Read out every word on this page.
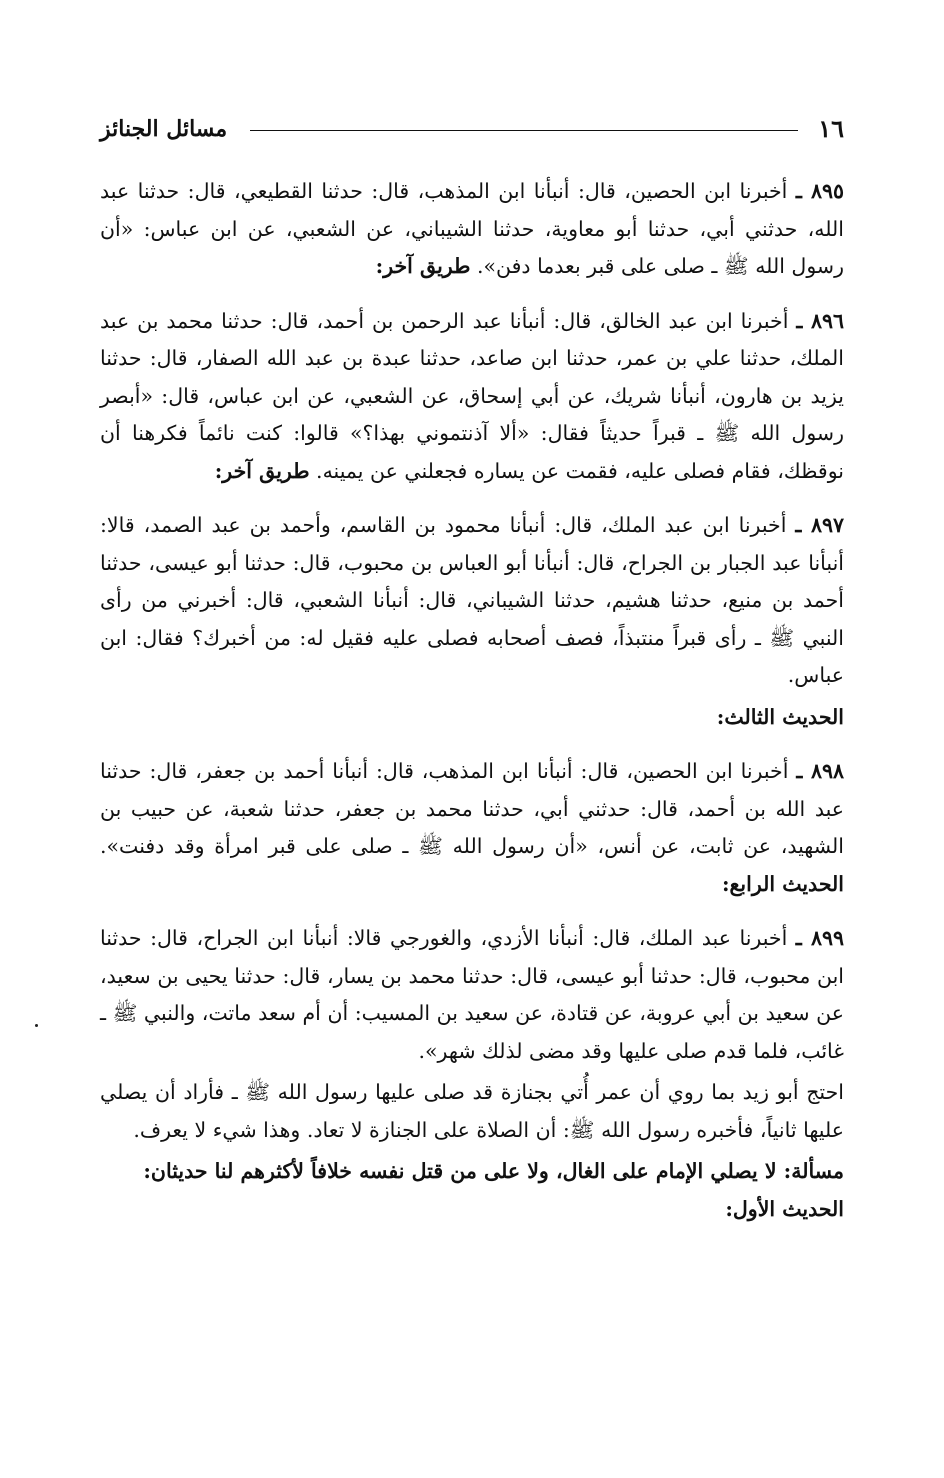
١٦
مسائل الجنائز

٨٩٥ ـ أخبرنا ابن الحصين، قال: أنبأنا ابن المذهب، قال: حدثنا القطيعي، قال: حدثنا عبد الله، حدثني أبي، حدثنا أبو معاوية، حدثنا الشيباني، عن الشعبي، عن ابن عباس: «أن رسول الله ﷺ ـ صلى على قبر بعدما دفن». طريق آخر:

٨٩٦ ـ أخبرنا ابن عبد الخالق، قال: أنبأنا عبد الرحمن بن أحمد، قال: حدثنا محمد بن عبد الملك، حدثنا علي بن عمر، حدثنا ابن صاعد، حدثنا عبدة بن عبد الله الصفار، قال: حدثنا يزيد بن هارون، أنبأنا شريك، عن أبي إسحاق، عن الشعبي، عن ابن عباس، قال: «أبصر رسول الله ﷺ ـ قبراً حديثاً فقال: «ألا آذنتموني بهذا؟» قالوا: كنت نائماً فكرهنا أن نوقظك، فقام فصلى عليه، فقمت عن يساره فجعلني عن يمينه. طريق آخر:

٨٩٧ ـ أخبرنا ابن عبد الملك، قال: أنبأنا محمود بن القاسم، وأحمد بن عبد الصمد، قالا: أنبأنا عبد الجبار بن الجراح، قال: أنبأنا أبو العباس بن محبوب، قال: حدثنا أبو عيسى، حدثنا أحمد بن منيع، حدثنا هشيم، حدثنا الشيباني، قال: أنبأنا الشعبي، قال: أخبرني من رأى النبي ﷺ ـ رأى قبراً منتبذاً، فصف أصحابه فصلى عليه فقيل له: من أخبرك؟ فقال: ابن عباس.

الحديث الثالث:

٨٩٨ ـ أخبرنا ابن الحصين، قال: أنبأنا ابن المذهب، قال: أنبأنا أحمد بن جعفر، قال: حدثنا عبد الله بن أحمد، قال: حدثني أبي، حدثنا محمد بن جعفر، حدثنا شعبة، عن حبيب بن الشهيد، عن ثابت، عن أنس، «أن رسول الله ﷺ ـ صلى على قبر امرأة وقد دفنت». الحديث الرابع:

٨٩٩ ـ أخبرنا عبد الملك، قال: أنبأنا الأزدي، والغورجي قالا: أنبأنا ابن الجراح، قال: حدثنا ابن محبوب، قال: حدثنا أبو عيسى، قال: حدثنا محمد بن يسار، قال: حدثنا يحيى بن سعيد، عن سعيد بن أبي عروبة، عن قتادة، عن سعيد بن المسيب: أن أم سعد ماتت، والنبي ﷺ ـ غائب، فلما قدم صلى عليها وقد مضى لذلك شهر».

احتج أبو زيد بما روي أن عمر أُتي بجنازة قد صلى عليها رسول الله ﷺ ـ فأراد أن يصلي عليها ثانياً، فأخبره رسول الله ﷺ: أن الصلاة على الجنازة لا تعاد. وهذا شيء لا يعرف.

مسألة: لا يصلي الإمام على الغال، ولا على من قتل نفسه خلافاً لأكثرهم لنا حديثان:

الحديث الأول:
